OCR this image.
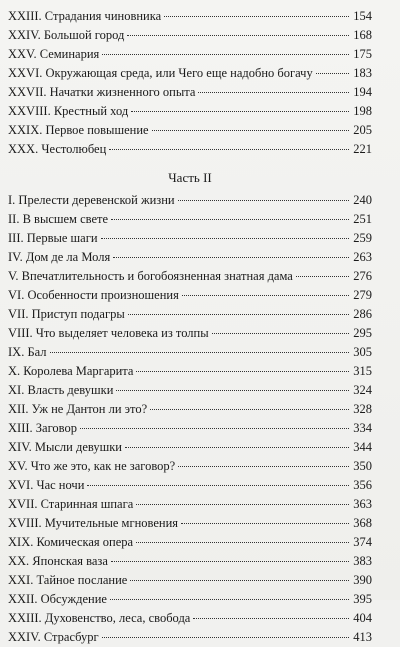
XXIII. Страдания чиновника	154
XXIV. Большой город	168
XXV. Семинария	175
XXVI. Окружающая среда, или Чего еще надобно богачу	183
XXVII. Начатки жизненного опыта	194
XXVIII. Крестный ход	198
XXIX. Первое повышение	205
XXX. Честолюбец	221
Часть II
I. Прелести деревенской жизни	240
II. В высшем свете	251
III. Первые шаги	259
IV. Дом де ла Моля	263
V. Впечатлительность и богобоязненная знатная дама	276
VI. Особенности произношения	279
VII. Приступ подагры	286
VIII. Что выделяет человека из толпы	295
IX. Бал	305
X. Королева Маргарита	315
XI. Власть девушки	324
XII. Уж не Дантон ли это?	328
XIII. Заговор	334
XIV. Мысли девушки	344
XV. Что же это, как не заговор?	350
XVI. Час ночи	356
XVII. Старинная шпага	363
XVIII. Мучительные мгновения	368
XIX. Комическая опера	374
XX. Японская ваза	383
XXI. Тайное послание	390
XXII. Обсуждение	395
XXIII. Духовенство, леса, свобода	404
XXIV. Страсбург	413
